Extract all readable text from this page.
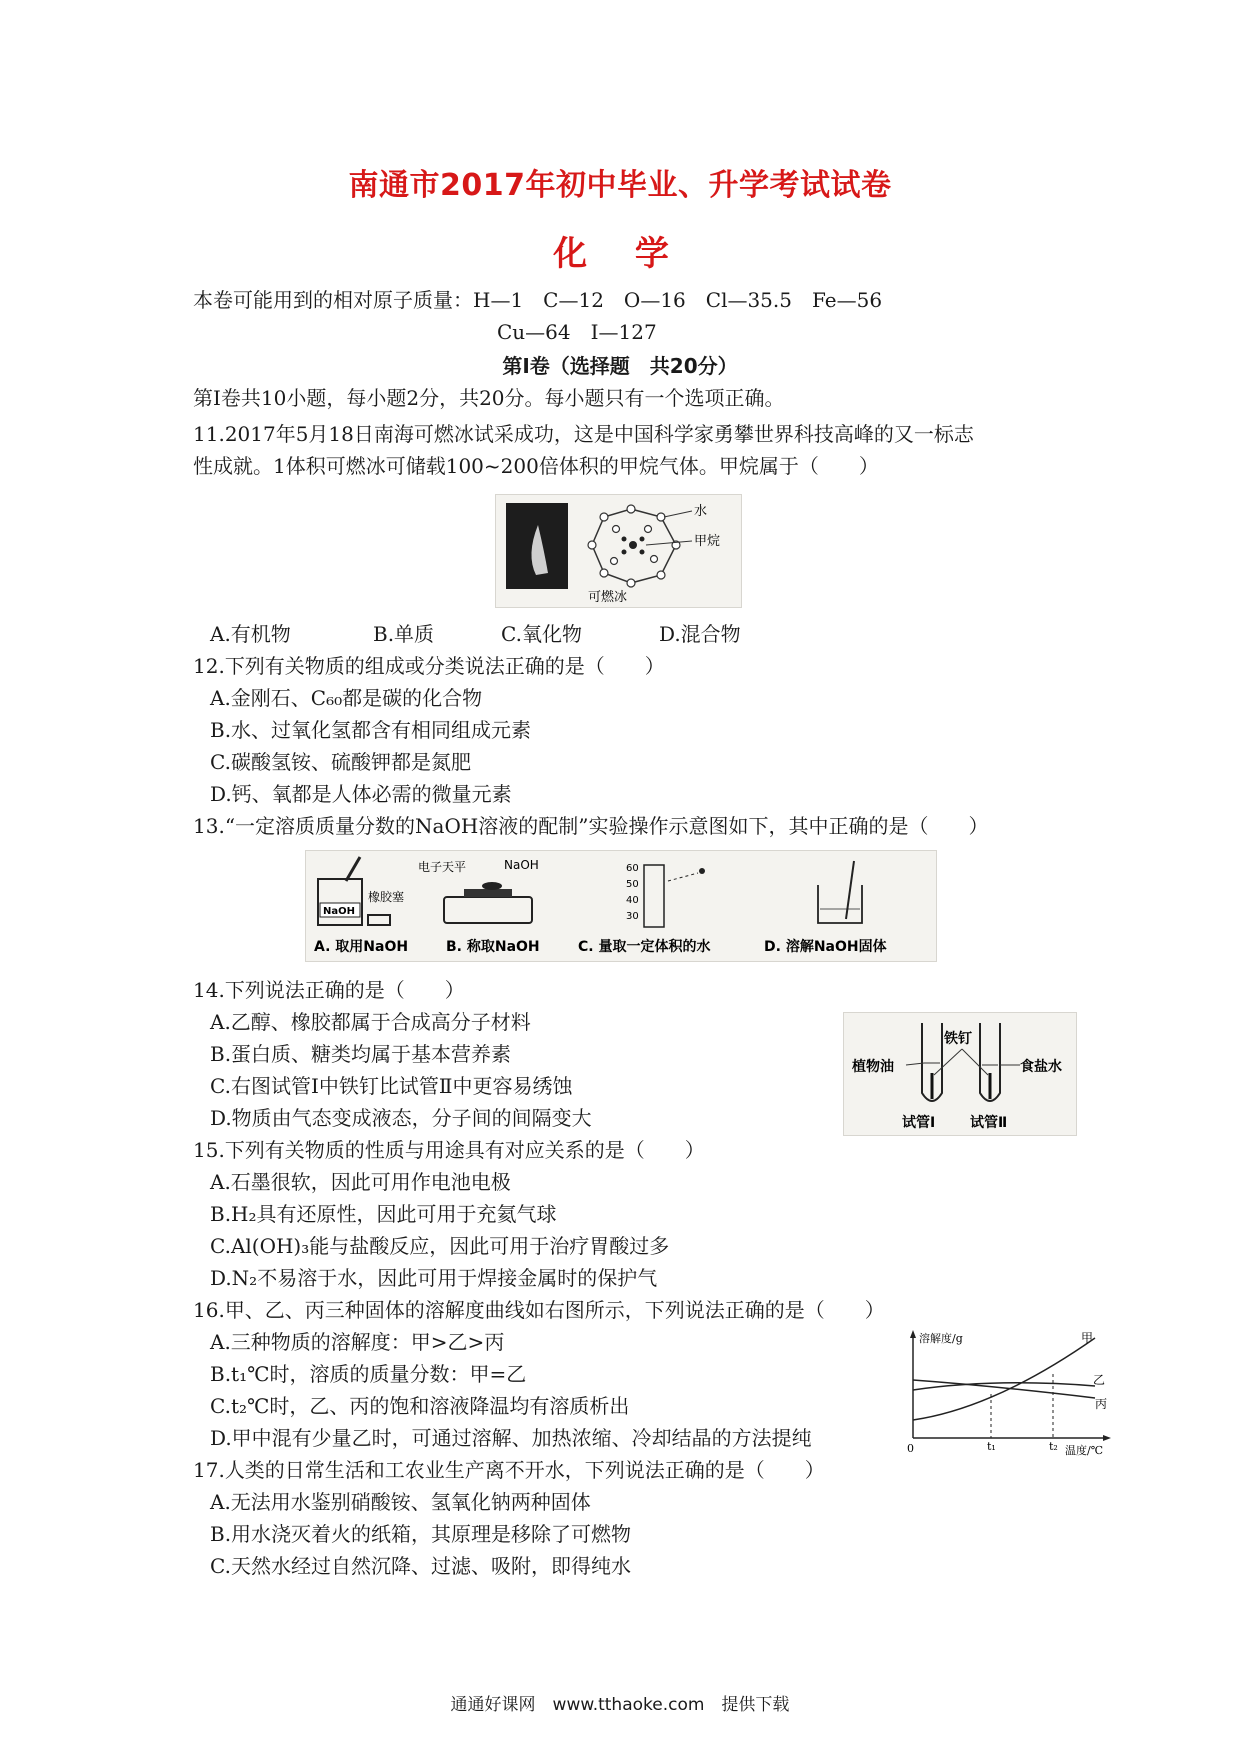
南通市2017年初中毕业、升学考试试卷
化 学
本卷可能用到的相对原子质量：H—1　C—12　O—16　Cl—35.5　Fe—56
Cu—64　I—127
第Ⅰ卷（选择题　共20分）
第Ⅰ卷共10小题，每小题2分，共20分。每小题只有一个选项正确。
11.2017年5月18日南海可燃冰试采成功，这是中国科学家勇攀世界科技高峰的又一标志
性成就。1体积可燃冰可储载100~200倍体积的甲烷气体。甲烷属于（　　）
水
甲烷
可燃冰
A.有机物	B.单质	C.氧化物	D.混合物
12.下列有关物质的组成或分类说法正确的是（　　）
A.金刚石、C₆₀都是碳的化合物
B.水、过氧化氢都含有相同组成元素
C.碳酸氢铵、硫酸钾都是氮肥
D.钙、氧都是人体必需的微量元素
13.“一定溶质质量分数的NaOH溶液的配制”实验操作示意图如下，其中正确的是（　　）
NaOH
橡胶塞
电子天平	NaOH	60
50
40
30
A. 取用NaOH	B. 称取NaOH	C. 量取一定体积的水	D. 溶解NaOH固体
14.下列说法正确的是（　　）
A.乙醇、橡胶都属于合成高分子材料
B.蛋白质、糖类均属于基本营养素
C.右图试管Ⅰ中铁钉比试管Ⅱ中更容易绣蚀
D.物质由气态变成液态，分子间的间隔变大
植物油
铁钉
食盐水
试管Ⅰ 试管Ⅱ
15.下列有关物质的性质与用途具有对应关系的是（　　）
A.石墨很软，因此可用作电池电极
B.H₂具有还原性，因此可用于充氦气球
C.Al(OH)₃能与盐酸反应，因此可用于治疗胃酸过多
D.N₂不易溶于水，因此可用于焊接金属时的保护气
16.甲、乙、丙三种固体的溶解度曲线如右图所示，下列说法正确的是（　　）
A.三种物质的溶解度：甲>乙>丙
B.t₁℃时，溶质的质量分数：甲=乙
C.t₂℃时，乙、丙的饱和溶液降温均有溶质析出
D.甲中混有少量乙时，可通过溶解、加热浓缩、冷却结晶的方法提纯
溶解度/g
温度/℃
0	t₁	t₂
甲
乙
丙
17.人类的日常生活和工农业生产离不开水，下列说法正确的是（　　）
A.无法用水鉴别硝酸铵、氢氧化钠两种固体
B.用水浇灭着火的纸箱，其原理是移除了可燃物
C.天然水经过自然沉降、过滤、吸附，即得纯水
通通好课网　www.tthaoke.com　提供下载
